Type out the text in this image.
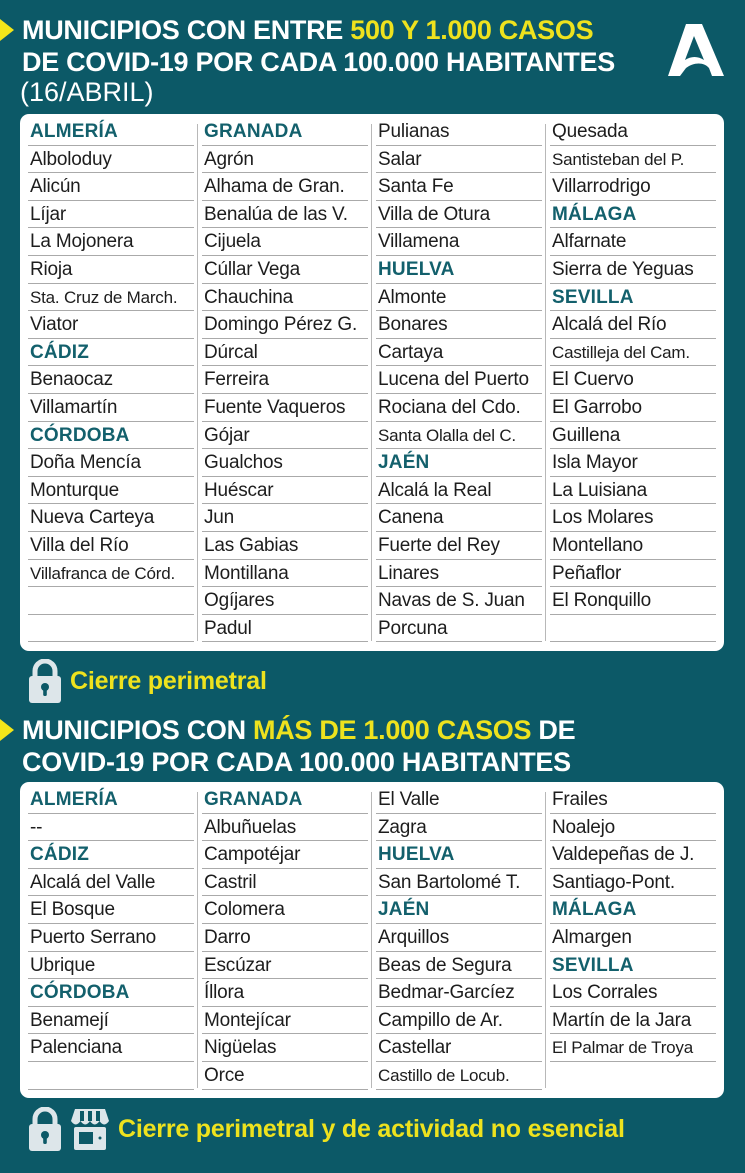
MUNICIPIOS CON ENTRE 500 Y 1.000 CASOS
DE COVID-19 POR CADA 100.000 HABITANTES
(16/ABRIL)
ALMERÍA
Alboloduy
Alicún
Líjar
La Mojonera
Rioja
Sta. Cruz de March.
Viator
CÁDIZ
Benaocaz
Villamartín
CÓRDOBA
Doña Mencía
Monturque
Nueva Carteya
Villa del Río
Villafranca de Córd.
GRANADA
Agrón
Alhama de Gran.
Benalúa de las V.
Cijuela
Cúllar Vega
Chauchina
Domingo Pérez G.
Dúrcal
Ferreira
Fuente Vaqueros
Gójar
Gualchos
Huéscar
Jun
Las Gabias
Montillana
Ogíjares
Padul
Pulianas
Salar
Santa Fe
Villa de Otura
Villamena
HUELVA
Almonte
Bonares
Cartaya
Lucena del Puerto
Rociana del Cdo.
Santa Olalla del C.
JAÉN
Alcalá la Real
Canena
Fuerte del Rey
Linares
Navas de S. Juan
Porcuna
Quesada
Santisteban del P.
Villarrodrigo
MÁLAGA
Alfarnate
Sierra de Yeguas
SEVILLA
Alcalá del Río
Castilleja del Cam.
El Cuervo
El Garrobo
Guillena
Isla Mayor
La Luisiana
Los Molares
Montellano
Peñaflor
El Ronquillo
Cierre perimetral
MUNICIPIOS CON MÁS DE 1.000 CASOS DE
COVID-19 POR CADA 100.000 HABITANTES
ALMERÍA
--
CÁDIZ
Alcalá del Valle
El Bosque
Puerto Serrano
Ubrique
CÓRDOBA
Benamejí
Palenciana
GRANADA
Albuñuelas
Campotéjar
Castril
Colomera
Darro
Escúzar
Íllora
Montejícar
Nigüelas
Orce
El Valle
Zagra
HUELVA
San Bartolomé T.
JAÉN
Arquillos
Beas de Segura
Bedmar-Garcíez
Campillo de Ar.
Castellar
Castillo de Locub.
Frailes
Noalejo
Valdepeñas de J.
Santiago-Pont.
MÁLAGA
Almargen
SEVILLA
Los Corrales
Martín de la Jara
El Palmar de Troya
Cierre perimetral y de actividad no esencial
